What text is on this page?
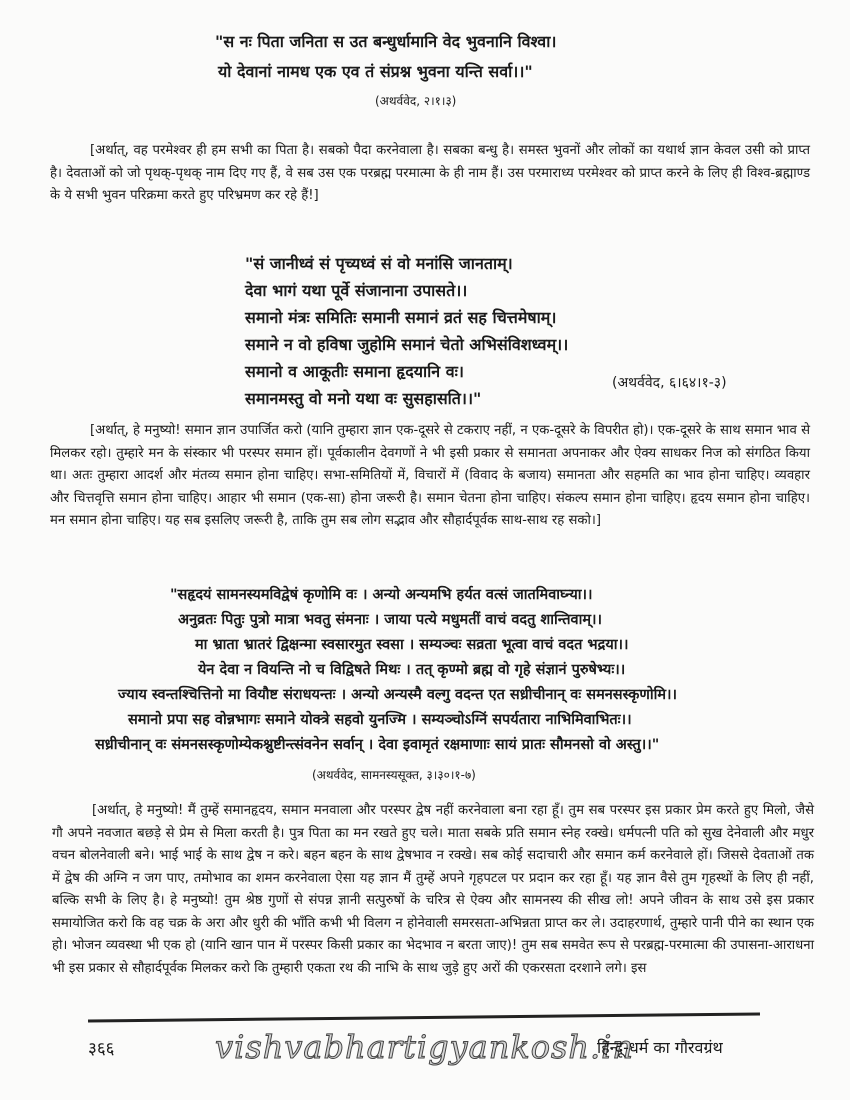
"स नः पिता जनिता स उत बन्धुर्धामानि वेद भुवनानि विश्वा।
यो देवानां नामध एक एव तं संप्रश्न भुवना यन्ति सर्वा।।"
(अथर्ववेद, २।१।३)

[अर्थात्, वह परमेश्वर ही हम सभी का पिता है। सबको पैदा करनेवाला है। सबका बन्धु है। समस्त भुवनों और लोकों का यथार्थ ज्ञान केवल उसी को प्राप्त है। देवताओं को जो पृथक्-पृथक् नाम दिए गए हैं, वे सब उस एक परब्रह्म परमात्मा के ही नाम हैं। उस परमाराध्य परमेश्वर को प्राप्त करने के लिए ही विश्व-ब्रह्माण्ड के ये सभी भुवन परिक्रमा करते हुए परिभ्रमण कर रहे हैं!]

"सं जानीध्वं सं पृच्यध्वं सं वो मनांसि जानताम्।
देवा भागं यथा पूर्वे संजानाना उपासते।।
समानो मंत्रः समितिः समानी समानं व्रतं सह चित्तमेषाम्।
समाने न वो हविषा जुहोमि समानं चेतो अभिसंविशध्वम्।।
समानो व आकूतीः समाना हृदयानि वः।
समानमस्तु वो मनो यथा वः सुसहासति।।"
(अथर्ववेद, ६।६४।१-३)

[अर्थात्, हे मनुष्यो! समान ज्ञान उपार्जित करो (यानि तुम्हारा ज्ञान एक-दूसरे से टकराए नहीं, न एक-दूसरे के विपरीत हो)। एक-दूसरे के साथ समान भाव से मिलकर रहो। तुम्हारे मन के संस्कार भी परस्पर समान हों। पूर्वकालीन देवगणों ने भी इसी प्रकार से समानता अपनाकर और ऐक्य साधकर निज को संगठित किया था। अतः तुम्हारा आदर्श और मंतव्य समान होना चाहिए। सभा-समितियों में, विचारों में (विवाद के बजाय) समानता और सहमति का भाव होना चाहिए। व्यवहार और चित्तवृत्ति समान होना चाहिए। आहार भी समान (एक-सा) होना जरूरी है। समान चेतना होना चाहिए। संकल्प समान होना चाहिए। हृदय समान होना चाहिए। मन समान होना चाहिए। यह सब इसलिए जरूरी है, ताकि तुम सब लोग सद्भाव और सौहार्दपूर्वक साथ-साथ रह सको।]

"सहृदयं सामनस्यमविद्वेषं कृणोमि वः । अन्यो अन्यमभि हर्यत वत्सं जातमिवाघ्न्या।।
अनुव्रतः पितुः पुत्रो मात्रा भवतु संमनाः । जाया पत्ये मधुमतीं वाचं वदतु शान्तिवाम्।।
मा भ्राता भ्रातरं द्विक्षन्मा स्वसारमुत स्वसा । सम्यञ्चः सव्रता भूत्वा वाचं वदत भद्रया।।
येन देवा न वियन्ति नो च विद्विषते मिथः । तत् कृण्मो ब्रह्म वो गृहे संज्ञानं पुरुषेभ्यः।।
ज्याय स्वन्तश्चित्तिनो मा वियौष्ट संराधयन्तः । अन्यो अन्यस्मै वल्गु वदन्त एत सध्रीचीनान् वः समनसस्कृणोमि।।
समानो प्रपा सह वोन्नभागः समाने योक्त्रे सहवो युनज्मि । सम्यञ्चोऽग्निं सपर्यतारा नाभिमिवाभितः।।
सध्रीचीनान् वः संमनसस्कृणोम्येकश्नुष्टीन्त्संवनेन सर्वान् । देवा इवामृतं रक्षमाणाः सायं प्रातः सौमनसो वो अस्तु।।"
(अथर्ववेद, सामनस्यसूक्त, ३।३०।१-७)

[अर्थात्, हे मनुष्यो! मैं तुम्हें समानहृदय, समान मनवाला और परस्पर द्वेष नहीं करनेवाला बना रहा हूँ। तुम सब परस्पर इस प्रकार प्रेम करते हुए मिलो, जैसे गौ अपने नवजात बछड़े से प्रेम से मिला करती है। पुत्र पिता का मन रखते हुए चले। माता सबके प्रति समान स्नेह रक्खे। धर्मपत्नी पति को सुख देनेवाली और मधुर वचन बोलनेवाली बने। भाई भाई के साथ द्वेष न करे। बहन बहन के साथ द्वेषभाव न रक्खे। सब कोई सदाचारी और समान कर्म करनेवाले हों। जिससे देवताओं तक में द्वेष की अग्नि न जग पाए, तमोभाव का शमन करनेवाला ऐसा यह ज्ञान मैं तुम्हें अपने गृहपटल पर प्रदान कर रहा हूँ। यह ज्ञान वैसे तुम गृहस्थों के लिए ही नहीं, बल्कि सभी के लिए है। हे मनुष्यो! तुम श्रेष्ठ गुणों से संपन्न ज्ञानी सत्पुरुषों के चरित्र से ऐक्य और सामनस्य की सीख लो! अपने जीवन के साथ उसे इस प्रकार समायोजित करो कि वह चक्र के अरा और धुरी की भाँति कभी भी विलग न होनेवाली समरसता-अभिन्नता प्राप्त कर ले। उदाहरणार्थ, तुम्हारे पानी पीने का स्थान एक हो। भोजन व्यवस्था भी एक हो (यानि खान पान में परस्पर किसी प्रकार का भेदभाव न बरता जाए)! तुम सब समवेत रूप से परब्रह्म-परमात्मा की उपासना-आराधना भी इस प्रकार से सौहार्दपूर्वक मिलकर करो कि तुम्हारी एकता रथ की नाभि के साथ जुड़े हुए अरों की एकरसता दरशाने लगे। इस

३६६	vishvabhartigyankosh.in
हिन्दू-धर्म का गौरवग्रंथ
